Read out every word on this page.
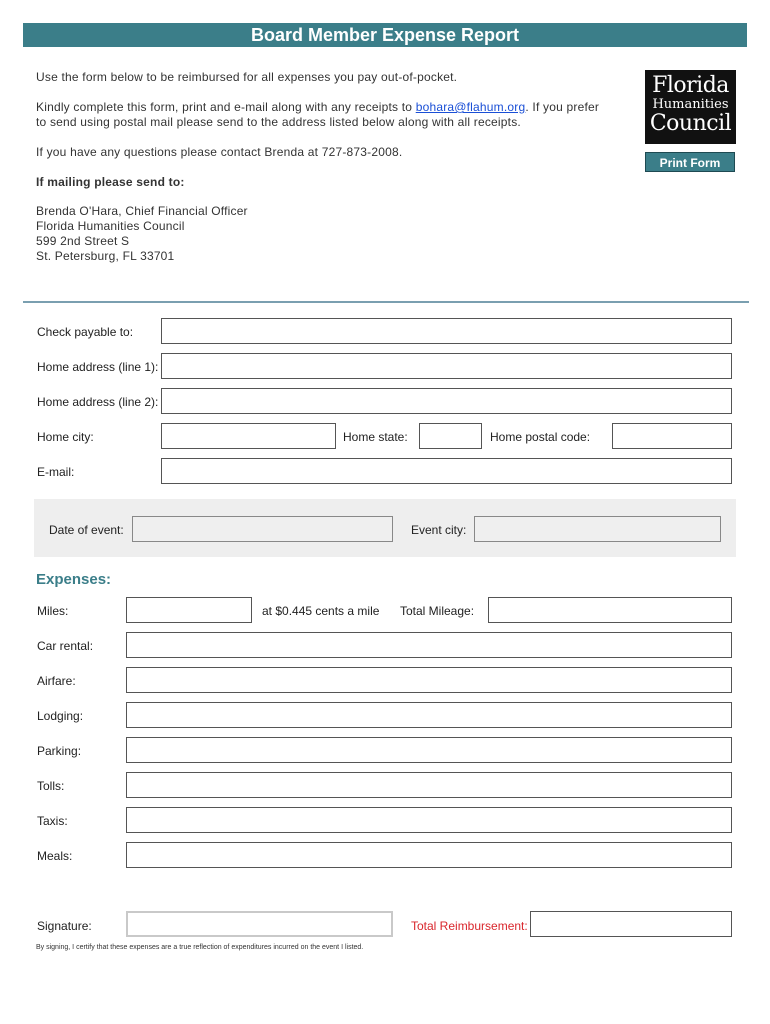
Board Member Expense Report
Use the form below to be reimbursed for all expenses you pay out-of-pocket.
Kindly complete this form, print and e-mail along with any receipts to bohara@flahum.org. If you prefer
to send using postal mail please send to the address listed below along with all receipts.
If you have any questions please contact Brenda at 727-873-2008.
If mailing please send to:
Brenda O'Hara, Chief Financial Officer
Florida Humanities Council
599 2nd Street S
St. Petersburg, FL 33701
Florida
Humanities
Council
Print Form
Check payable to:
Home address (line 1):
Home address (line 2):
Home city:	Home state:	Home postal code:
E-mail:
Date of event:	Event city:
Expenses:
Miles:	at $0.445 cents a mile Total Mileage:
Car rental:
Airfare:
Lodging:
Parking:
Tolls:
Taxis:
Meals:
Signature:	Total Reimbursement:
By signing, I certify that these expenses are a true reflection of expenditures incurred on the event I listed.
